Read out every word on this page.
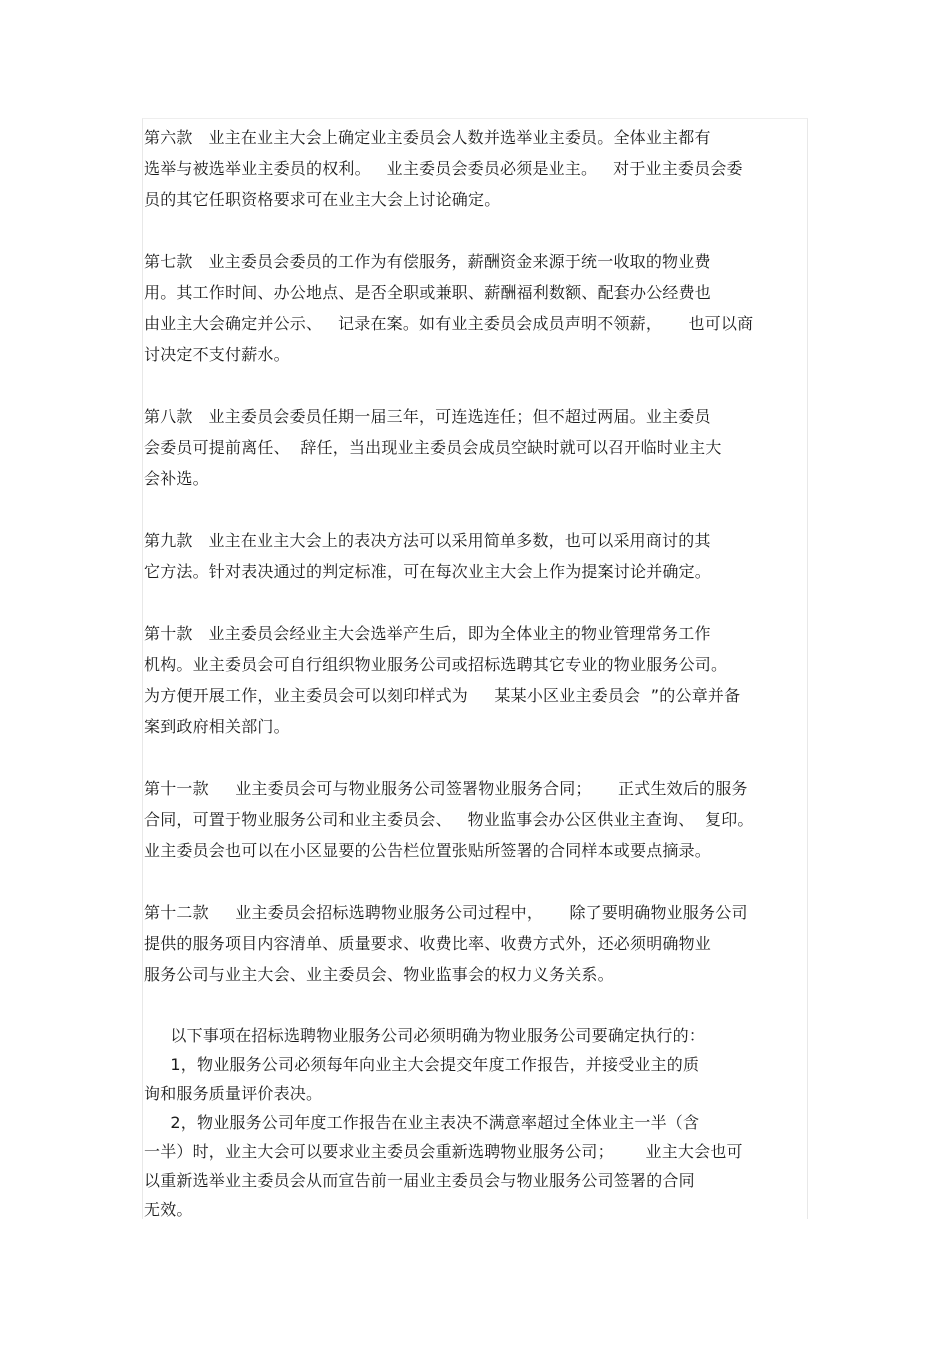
第六款   业主在业主大会上确定业主委员会人数并选举业主委员。全体业主都有
选举与被选举业主委员的权利。   业主委员会委员必须是业主。   对于业主委员会委
员的其它任职资格要求可在业主大会上讨论确定。
第七款   业主委员会委员的工作为有偿服务，薪酬资金来源于统一收取的物业费
用。其工作时间、办公地点、是否全职或兼职、薪酬福利数额、配套办公经费也
由业主大会确定并公示、   记录在案。如有业主委员会成员声明不领薪，     也可以商
讨决定不支付薪水。
第八款   业主委员会委员任期一届三年，可连选连任；但不超过两届。业主委员
会委员可提前离任、  辞任，当出现业主委员会成员空缺时就可以召开临时业主大
会补选。
第九款   业主在业主大会上的表决方法可以采用简单多数，也可以采用商讨的其
它方法。针对表决通过的判定标准，可在每次业主大会上作为提案讨论并确定。
第十款   业主委员会经业主大会选举产生后，即为全体业主的物业管理常务工作
机构。业主委员会可自行组织物业服务公司或招标选聘其它专业的物业服务公司。
为方便开展工作，业主委员会可以刻印样式为     某某小区业主委员会  ”的公章并备
案到政府相关部门。
第十一款     业主委员会可与物业服务公司签署物业服务合同；     正式生效后的服务
合同，可置于物业服务公司和业主委员会、   物业监事会办公区供业主查询、  复印。
业主委员会也可以在小区显要的公告栏位置张贴所签署的合同样本或要点摘录。
第十二款     业主委员会招标选聘物业服务公司过程中，     除了要明确物业服务公司
提供的服务项目内容清单、质量要求、收费比率、收费方式外，还必须明确物业
服务公司与业主大会、业主委员会、物业监事会的权力义务关系。
以下事项在招标选聘物业服务公司必须明确为物业服务公司要确定执行的：
1，物业服务公司必须每年向业主大会提交年度工作报告，并接受业主的质
询和服务质量评价表决。
2，物业服务公司年度工作报告在业主表决不满意率超过全体业主一半（含
一半）时，业主大会可以要求业主委员会重新选聘物业服务公司；      业主大会也可
以重新选举业主委员会从而宣告前一届业主委员会与物业服务公司签署的合同
无效。
